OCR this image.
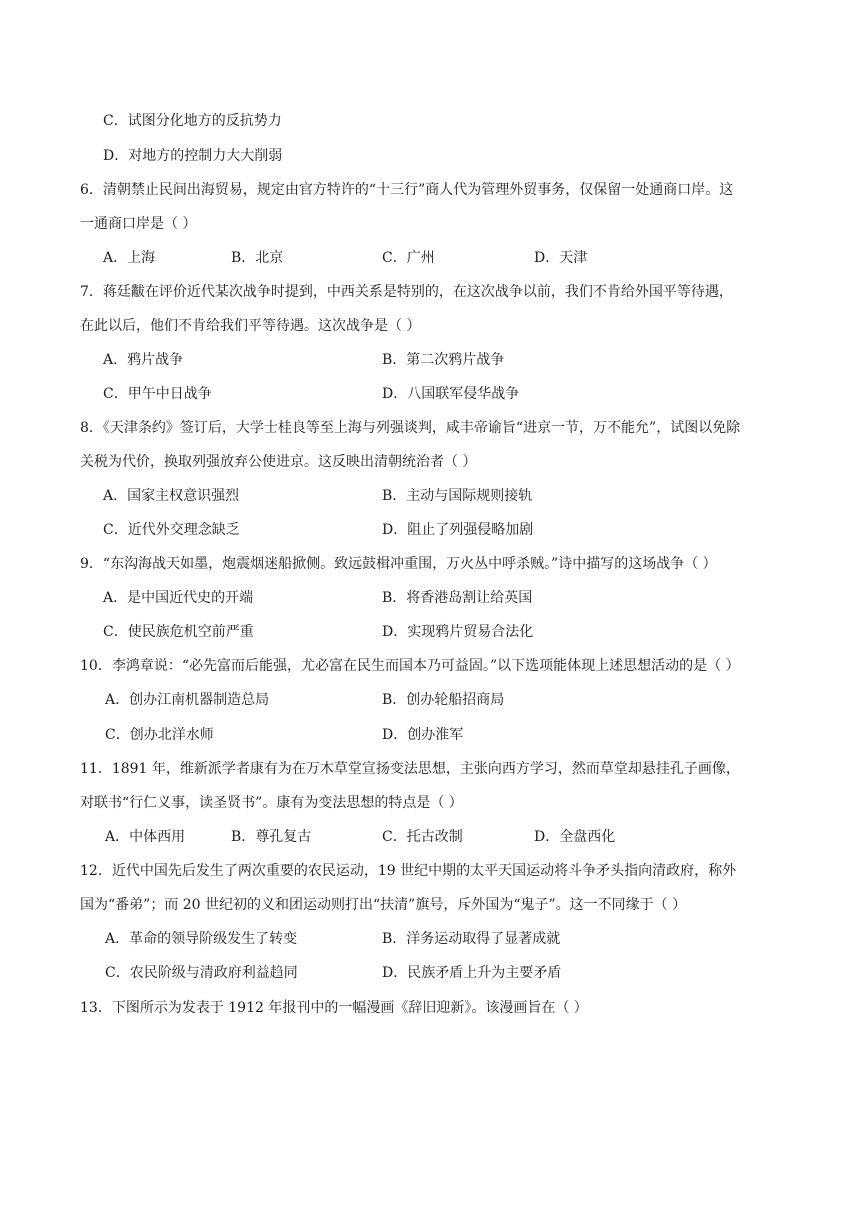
C．试图分化地方的反抗势力
D．对地方的控制力大大削弱
6．清朝禁止民间出海贸易，规定由官方特许的“十三行”商人代为管理外贸事务，仅保留一处通商口岸。这
一通商口岸是（ ）
A．上海	B．北京	C．广州	D．天津
7．蒋廷黻在评价近代某次战争时提到，中西关系是特别的，在这次战争以前，我们不肯给外国平等待遇，
在此以后，他们不肯给我们平等待遇。这次战争是（ ）
A．鸦片战争	B．第二次鸦片战争
C．甲午中日战争	D．八国联军侵华战争
8．《天津条约》签订后，大学士桂良等至上海与列强谈判，咸丰帝谕旨“进京一节，万不能允”，试图以免除
关税为代价，换取列强放弃公使进京。这反映出清朝统治者（ ）
A．国家主权意识强烈	B．主动与国际规则接轨
C．近代外交理念缺乏	D．阻止了列强侵略加剧
9．“东沟海战天如墨，炮震烟迷船掀侧。致远鼓楫冲重围，万火丛中呼杀贼。”诗中描写的这场战争（ ）
A．是中国近代史的开端	B．将香港岛割让给英国
C．使民族危机空前严重	D．实现鸦片贸易合法化
10．李鸿章说：“必先富而后能强，尤必富在民生而国本乃可益固。”以下选项能体现上述思想活动的是（ ）
A．创办江南机器制造总局	B．创办轮船招商局
C．创办北洋水师	D．创办淮军
11．1891 年，维新派学者康有为在万木草堂宣扬变法思想，主张向西方学习，然而草堂却悬挂孔子画像，
对联书“行仁义事，读圣贤书”。康有为变法思想的特点是（ ）
A．中体西用	B．尊孔复古	C．托古改制	D．全盘西化
12．近代中国先后发生了两次重要的农民运动，19 世纪中期的太平天国运动将斗争矛头指向清政府，称外
国为“番弟”；而 20 世纪初的义和团运动则打出“扶清”旗号，斥外国为“鬼子”。这一不同缘于（ ）
A．革命的领导阶级发生了转变	B．洋务运动取得了显著成就
C．农民阶级与清政府利益趋同	D．民族矛盾上升为主要矛盾
13．下图所示为发表于 1912 年报刊中的一幅漫画《辞旧迎新》。该漫画旨在（ ）
